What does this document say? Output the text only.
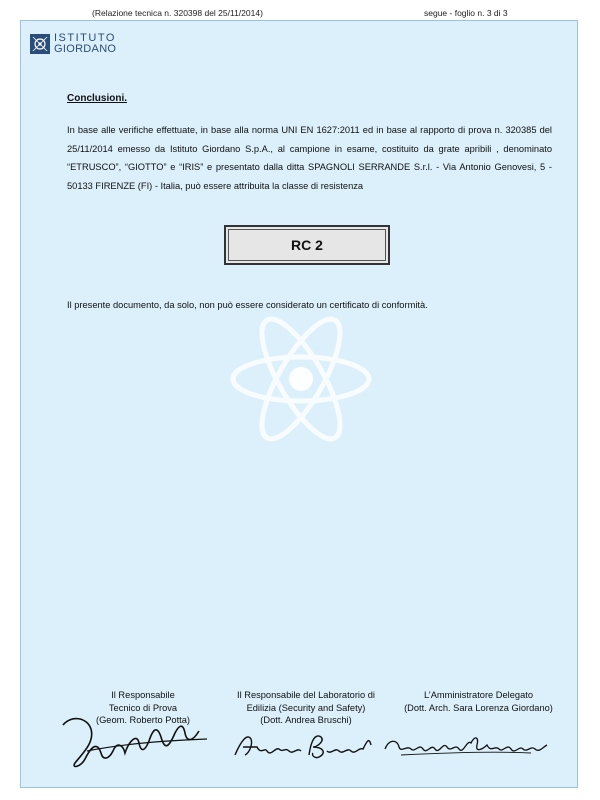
(Relazione tecnica n. 320398 del 25/11/2014)	segue - foglio n. 3 di 3
ISTITUTO
GIORDANO
Conclusioni.
In base alle verifiche effettuate, in base alla norma UNI EN 1627:2011 ed in base al rapporto di prova n. 320385 del 25/11/2014 emesso da Istituto Giordano S.p.A., al campione in esame, costituito da grate apribili , denominato “ETRUSCO”, “GIOTTO” e “IRIS” e presentato dalla ditta SPAGNOLI SERRANDE S.r.l. - Via Antonio Genovesi, 5 - 50133 FIRENZE (FI) - Italia, può essere attribuita la classe di resistenza
RC 2
Il presente documento, da solo, non può essere considerato un certificato di conformità.
Il Responsabile
Tecnico di Prova
(Geom. Roberto Potta)
Il Responsabile del Laboratorio di
Edilizia (Security and Safety)
(Dott. Andrea Bruschi)
L’Amministratore Delegato
(Dott. Arch. Sara Lorenza Giordano)
